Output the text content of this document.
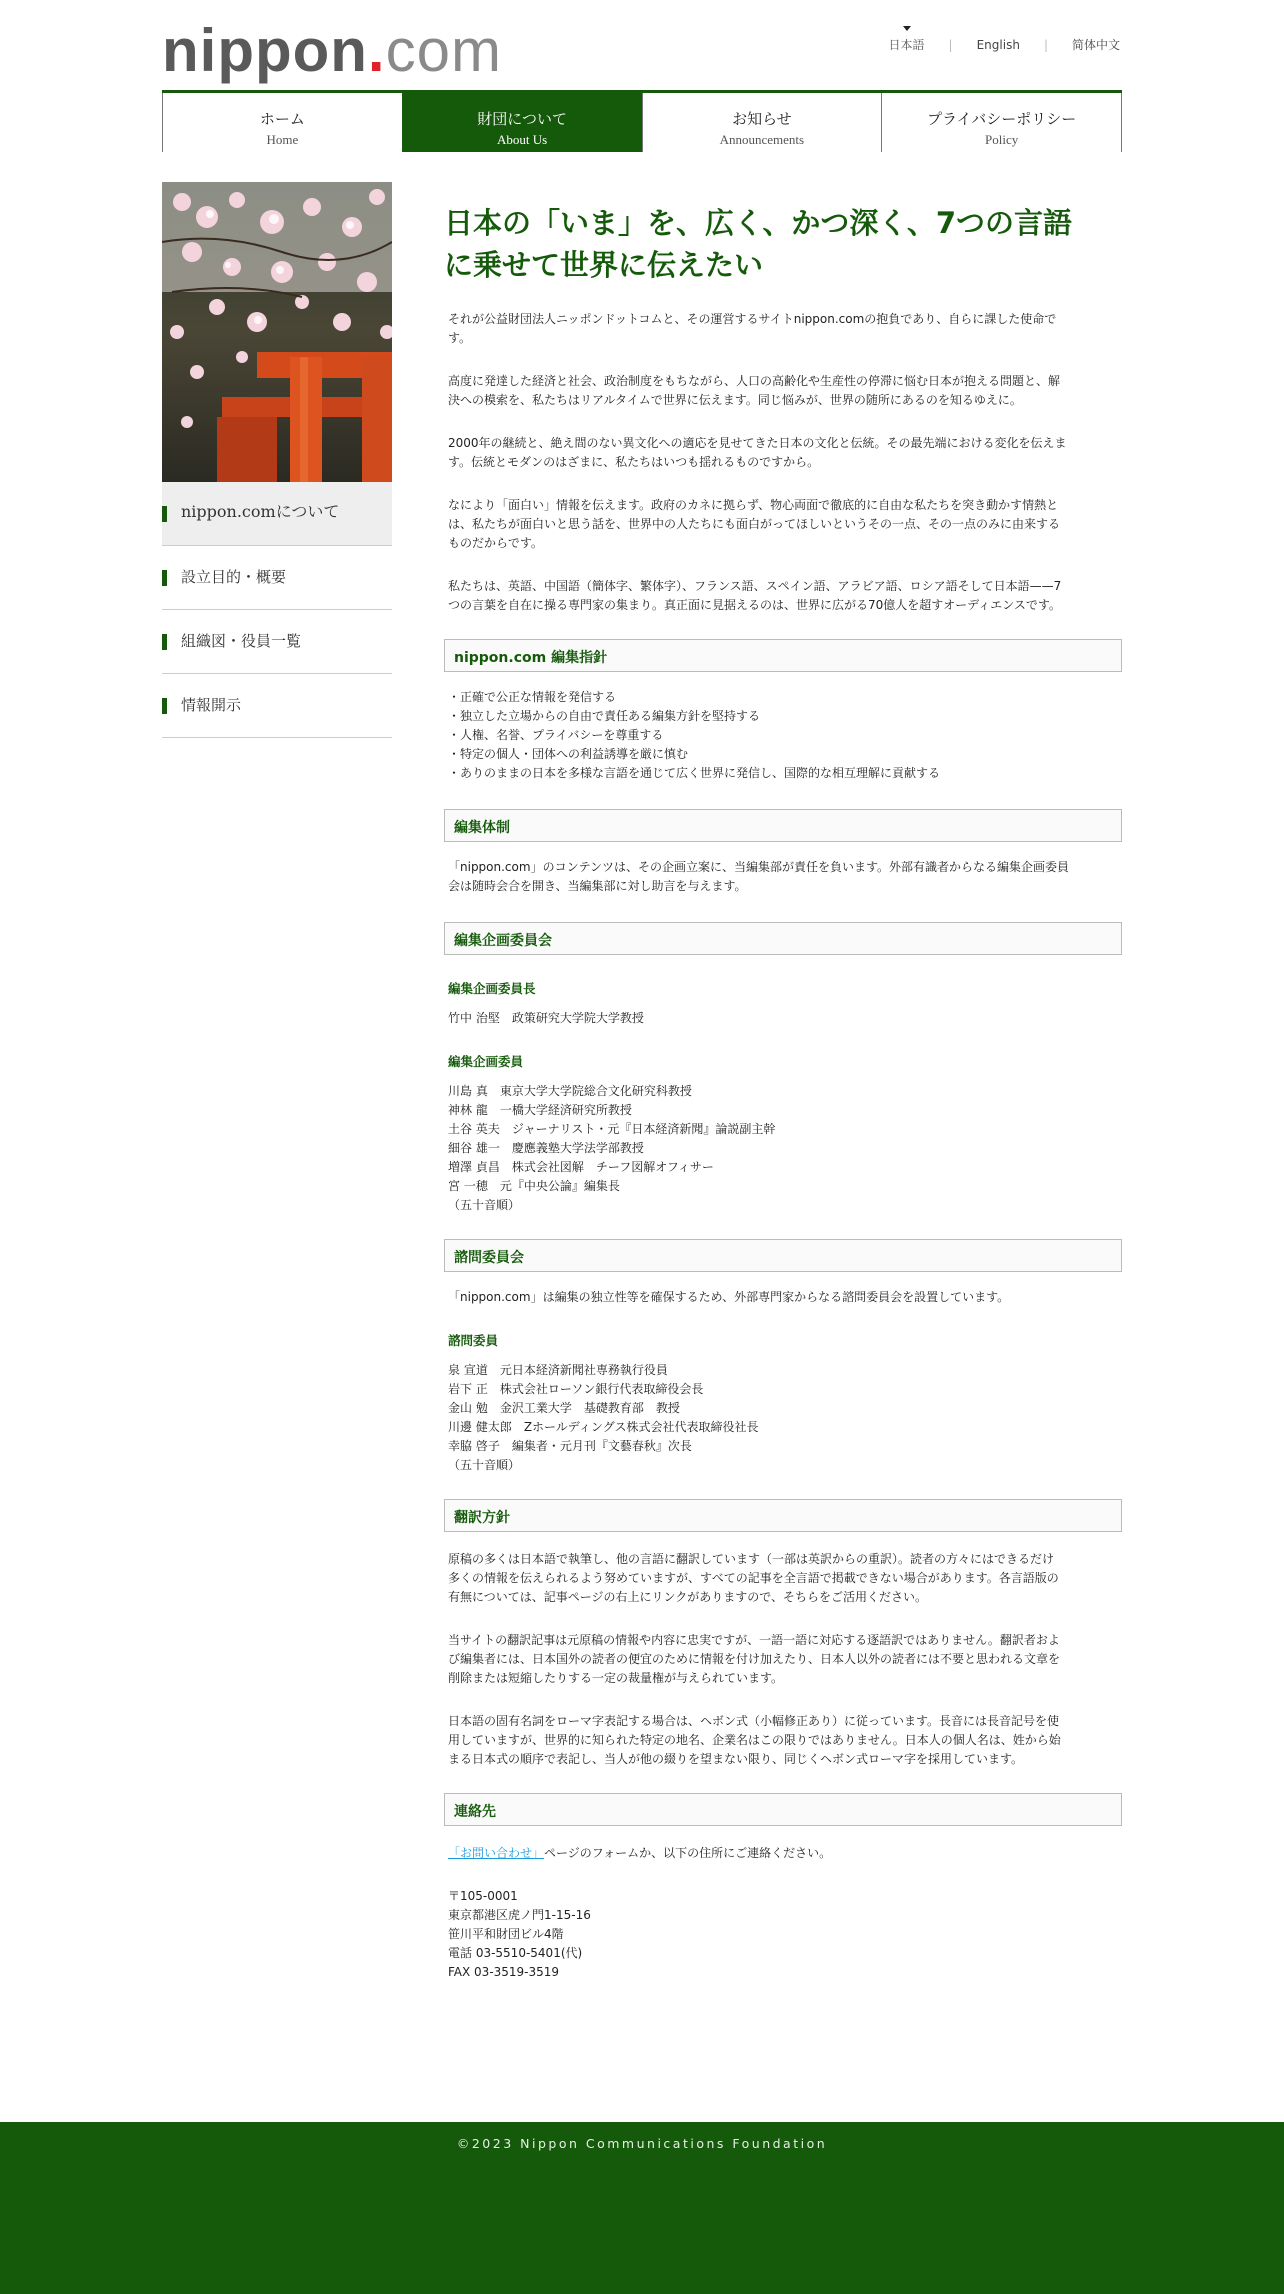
nippon.com	日本語 | English | 简体中文
ホーム
Home
財団について
About Us
お知らせ
Announcements
プライバシーポリシー
Policy
nippon.comについて
設立目的・概要
組織図・役員一覧
情報開示
日本の「いま」を、広く、かつ深く、7つの言語
に乗せて世界に伝えたい

それが公益財団法人ニッポンドットコムと、その運営するサイトnippon.comの抱負であり、自らに課した使命で
す。

高度に発達した経済と社会、政治制度をもちながら、人口の高齢化や生産性の停滞に悩む日本が抱える問題と、解
決への模索を、私たちはリアルタイムで世界に伝えます。同じ悩みが、世界の随所にあるのを知るゆえに。

2000年の継続と、絶え間のない異文化への適応を見せてきた日本の文化と伝統。その最先端における変化を伝えま
す。伝統とモダンのはざまに、私たちはいつも揺れるものですから。

なにより「面白い」情報を伝えます。政府のカネに拠らず、物心両面で徹底的に自由な私たちを突き動かす情熱と
は、私たちが面白いと思う話を、世界中の人たちにも面白がってほしいというその一点、その一点のみに由来する
ものだからです。

私たちは、英語、中国語（簡体字、繁体字）、フランス語、スペイン語、アラビア語、ロシア語そして日本語——7
つの言葉を自在に操る専門家の集まり。真正面に見据えるのは、世界に広がる70億人を超すオーディエンスです。

nippon.com 編集指針
・正確で公正な情報を発信する
・独立した立場からの自由で責任ある編集方針を堅持する
・人権、名誉、プライバシーを尊重する
・特定の個人・団体への利益誘導を厳に慎む
・ありのままの日本を多様な言語を通じて広く世界に発信し、国際的な相互理解に貢献する
編集体制

「nippon.com」のコンテンツは、その企画立案に、当編集部が責任を負います。外部有識者からなる編集企画委員
会は随時会合を開き、当編集部に対し助言を与えます。

編集企画委員会
編集企画委員長
竹中 治堅　政策研究大学院大学教授
編集企画委員
川島 真　東京大学大学院総合文化研究科教授
神林 龍　一橋大学経済研究所教授
土谷 英夫　ジャーナリスト・元『日本経済新聞』論説副主幹
細谷 雄一　慶應義塾大学法学部教授
増澤 貞昌　株式会社図解　チーフ図解オフィサー
宮 一穂　元『中央公論』編集長
（五十音順）
諮問委員会

「nippon.com」は編集の独立性等を確保するため、外部専門家からなる諮問委員会を設置しています。

諮問委員
泉 宣道　元日本経済新聞社専務執行役員
岩下 正　株式会社ローソン銀行代表取締役会長
金山 勉　金沢工業大学　基礎教育部　教授
川邊 健太郎　Zホールディングス株式会社代表取締役社長
幸脇 啓子　編集者・元月刊『文藝春秋』次長
（五十音順）
翻訳方針

原稿の多くは日本語で執筆し、他の言語に翻訳しています（一部は英訳からの重訳）。読者の方々にはできるだけ
多くの情報を伝えられるよう努めていますが、すべての記事を全言語で掲載できない場合があります。各言語版の
有無については、記事ページの右上にリンクがありますので、そちらをご活用ください。

当サイトの翻訳記事は元原稿の情報や内容に忠実ですが、一語一語に対応する逐語訳ではありません。翻訳者およ
び編集者には、日本国外の読者の便宜のために情報を付け加えたり、日本人以外の読者には不要と思われる文章を
削除または短縮したりする一定の裁量権が与えられています。

日本語の固有名詞をローマ字表記する場合は、ヘボン式（小幅修正あり）に従っています。長音には長音記号を使
用していますが、世界的に知られた特定の地名、企業名はこの限りではありません。日本人の個人名は、姓から始
まる日本式の順序で表記し、当人が他の綴りを望まない限り、同じくヘボン式ローマ字を採用しています。

連絡先

「お問い合わせ」ページのフォームか、以下の住所にご連絡ください。

〒105-0001
東京都港区虎ノ門1-15-16
笹川平和財団ビル4階
電話 03-5510-5401(代)
FAX 03-3519-3519
©2023 Nippon Communications Foundation
